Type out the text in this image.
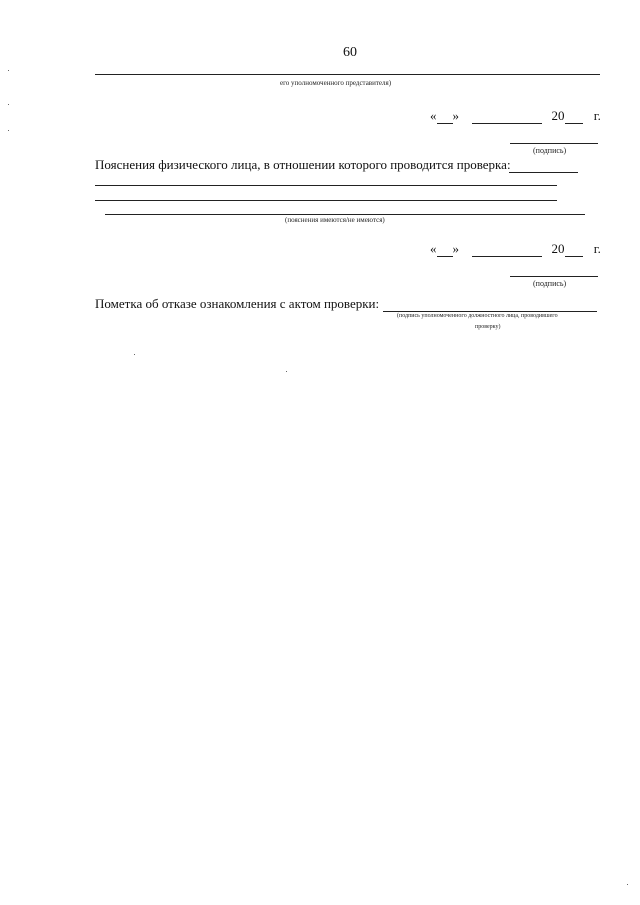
60
его уполномоченного представителя)
« »	20 г.
(подпись)
Пояснения физического лица, в отношении которого проводится проверка:
(пояснения имеются/не имеются)
« »	20 г.
(подпись)
Пометка об отказе ознакомления с актом проверки:
(подпись уполномоченного должностного лица, проводившего
проверку)
